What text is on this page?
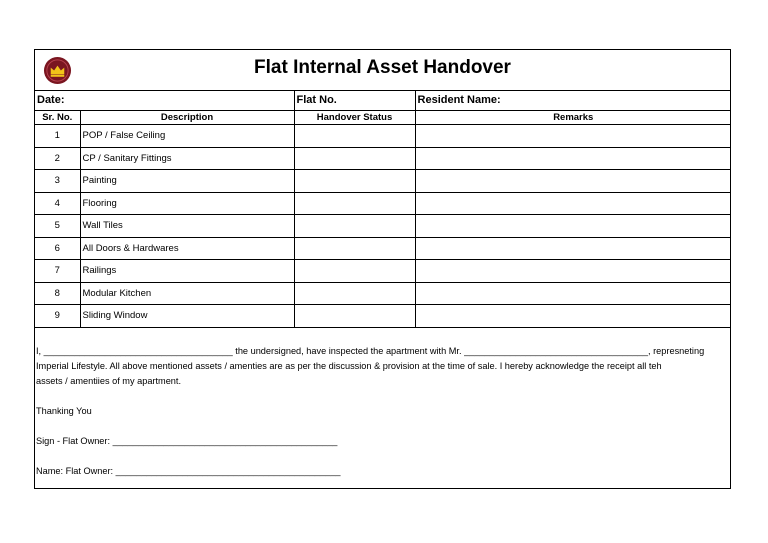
Flat Internal Asset Handover
Date:		Flat No.	Resident Name:
Sr. No.	Description	Handover Status	Remarks
1	POP / False Ceiling		
2	CP / Sanitary Fittings		
3	Painting		
4	Flooring		
5	Wall Tiles		
6	All Doors & Hardwares		
7	Railings		
8	Modular Kitchen		
9	Sliding Window		

I, _____________________________________ the undersigned, have inspected the apartment with Mr. ____________________________________, represneting

Imperial Lifestyle. All above mentioned assets / amenties are as per the discussion & provision at the time of sale. I hereby acknowledge the receipt all teh

assets / amentiies of my apartment.

Thanking You

Sign - Flat Owner: ____________________________________________

Name: Flat Owner: ____________________________________________
